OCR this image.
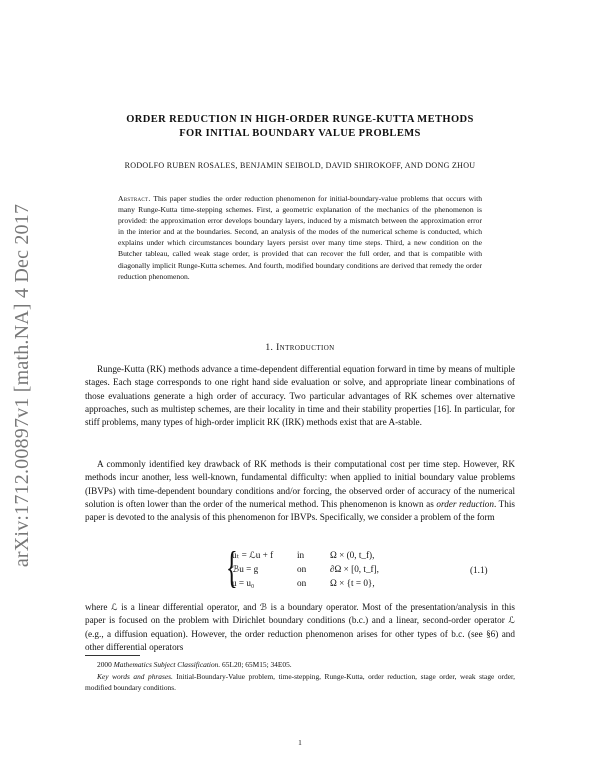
arXiv:1712.00897v1 [math.NA] 4 Dec 2017
ORDER REDUCTION IN HIGH-ORDER RUNGE-KUTTA METHODS
FOR INITIAL BOUNDARY VALUE PROBLEMS
RODOLFO RUBEN ROSALES, BENJAMIN SEIBOLD, DAVID SHIROKOFF, AND DONG ZHOU
Abstract. This paper studies the order reduction phenomenon for initial-boundary-value problems that occurs with many Runge-Kutta time-stepping schemes. First, a geometric explanation of the mechanics of the phenomenon is provided: the approximation error develops boundary layers, induced by a mismatch between the approximation error in the interior and at the boundaries. Second, an analysis of the modes of the numerical scheme is conducted, which explains under which circumstances boundary layers persist over many time steps. Third, a new condition on the Butcher tableau, called weak stage order, is provided that can recover the full order, and that is compatible with diagonally implicit Runge-Kutta schemes. And fourth, modified boundary conditions are derived that remedy the order reduction phenomenon.
1. Introduction

Runge-Kutta (RK) methods advance a time-dependent differential equation forward in time by means of multiple stages. Each stage corresponds to one right hand side evaluation or solve, and appropriate linear combinations of those evaluations generate a high order of accuracy. Two particular advantages of RK schemes over alternative approaches, such as multistep schemes, are their locality in time and their stability properties [16]. In particular, for stiff problems, many types of high-order implicit RK (IRK) methods exist that are A-stable.

A commonly identified key drawback of RK methods is their computational cost per time step. However, RK methods incur another, less well-known, fundamental difficulty: when applied to initial boundary value problems (IBVPs) with time-dependent boundary conditions and/or forcing, the observed order of accuracy of the numerical solution is often lower than the order of the numerical method. This phenomenon is known as order reduction. This paper is devoted to the analysis of this phenomenon for IBVPs. Specifically, we consider a problem of the form

{
uₜ = ℒu + f	in	Ω × (0, t_f),
ℬu = g	on	∂Ω × [0, t_f],
u = u₀	on	Ω × {t = 0},
(1.1)

where ℒ is a linear differential operator, and ℬ is a boundary operator. Most of the presentation/analysis in this paper is focused on the problem with Dirichlet boundary conditions (b.c.) and a linear, second-order operator ℒ (e.g., a diffusion equation). However, the order reduction phenomenon arises for other types of b.c. (see §6) and other differential operators

2000 Mathematics Subject Classification. 65L20; 65M15; 34E05.
Key words and phrases. Initial-Boundary-Value problem, time-stepping, Runge-Kutta, order reduction, stage order, weak stage order, modified boundary conditions.
1
